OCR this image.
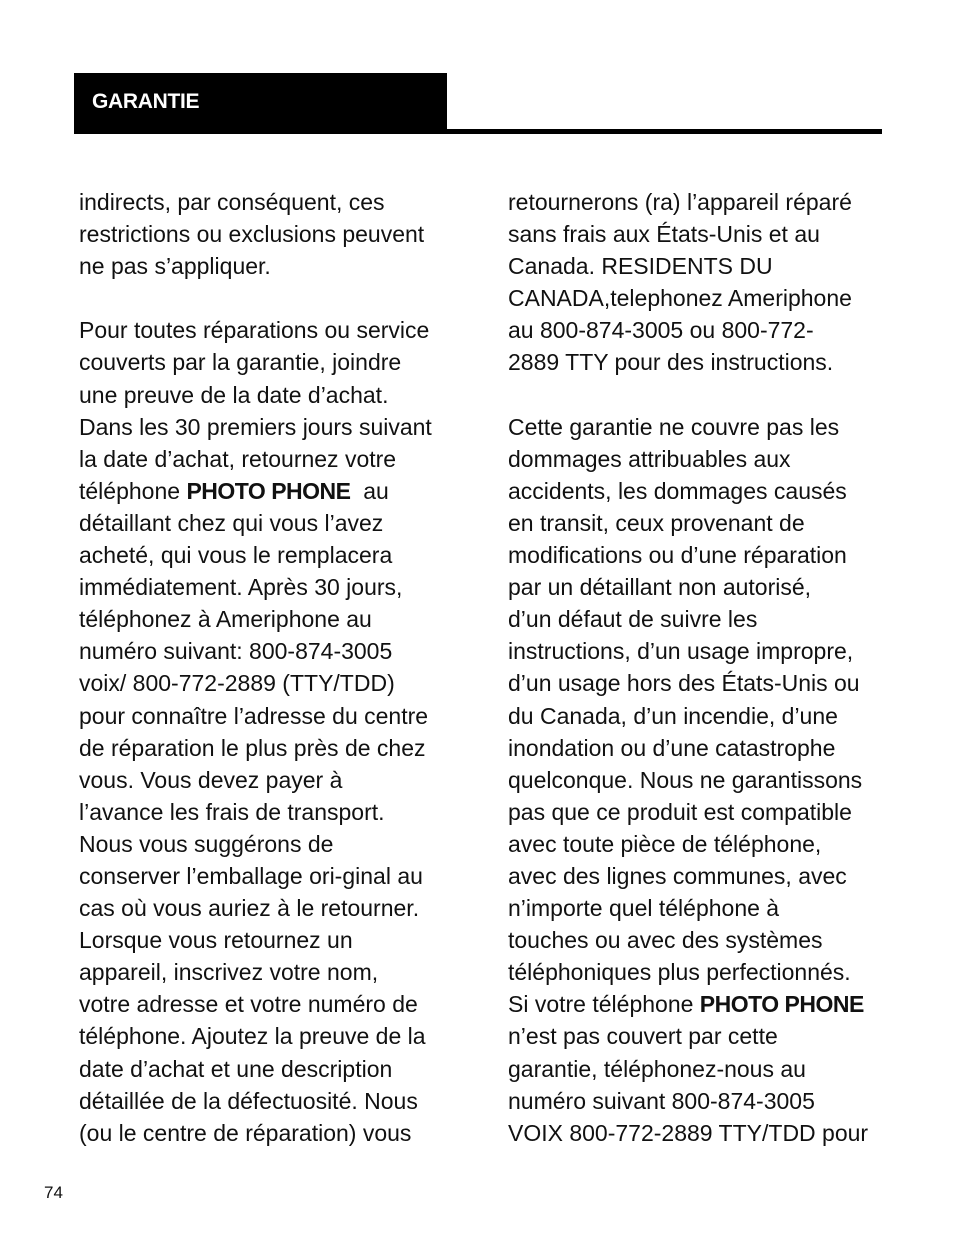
GARANTIE
indirects, par conséquent, ces
restrictions ou exclusions peuvent
ne pas s’appliquer.
Pour toutes réparations ou service
couverts par la garantie, joindre
une preuve de la date d’achat.
Dans les 30 premiers jours suivant
la date d’achat, retournez votre
téléphone PHOTO PHONE  au
détaillant chez qui vous l’avez
acheté, qui vous le remplacera
immédiatement. Après 30 jours,
téléphonez à Ameriphone au
numéro suivant: 800-874-3005
voix/ 800-772-2889 (TTY/TDD)
pour connaître l’adresse du centre
de réparation le plus près de chez
vous. Vous devez payer à
l’avance les frais de transport.
Nous vous suggérons de
conserver l’emballage ori-ginal au
cas où vous auriez à le retourner.
Lorsque vous retournez un
appareil, inscrivez votre nom,
votre adresse et votre numéro de
téléphone. Ajoutez la preuve de la
date d’achat et une description
détaillée de la défectuosité. Nous
(ou le centre de réparation) vous
retournerons (ra) l’appareil réparé
sans frais aux États-Unis et au
Canada. RESIDENTS DU
CANADA,telephonez Ameriphone
au 800-874-3005 ou 800-772-
2889 TTY pour des instructions.
Cette garantie ne couvre pas les
dommages attribuables aux
accidents, les dommages causés
en transit, ceux provenant de
modifications ou d’une réparation
par un détaillant non autorisé,
d’un défaut de suivre les
instructions, d’un usage impropre,
d’un usage hors des États-Unis ou
du Canada, d’un incendie, d’une
inondation ou d’une catastrophe
quelconque. Nous ne garantissons
pas que ce produit est compatible
avec toute pièce de téléphone,
avec des lignes communes, avec
n’importe quel téléphone à
touches ou avec des systèmes
téléphoniques plus perfectionnés.
Si votre téléphone PHOTO PHONE
n’est pas couvert par cette
garantie, téléphonez-nous au
numéro suivant 800-874-3005
VOIX 800-772-2889 TTY/TDD pour
74
